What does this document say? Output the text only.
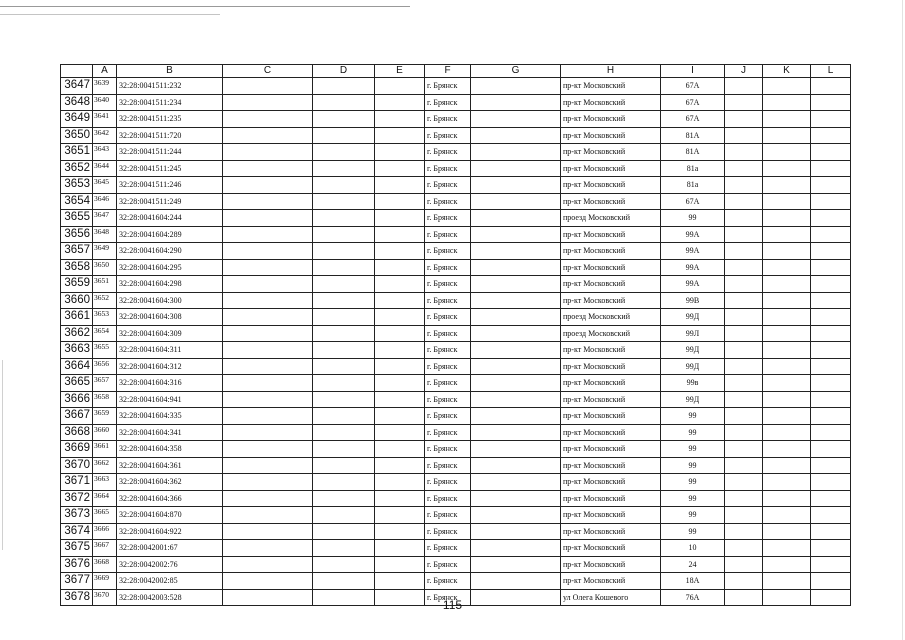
	A	B	C	D	E	F	G	H	I	J	K	L
3647	3639	32:28:0041511:232				г. Брянск		пр-кт Московский	67А			
3648	3640	32:28:0041511:234				г. Брянск		пр-кт Московский	67А			
3649	3641	32:28:0041511:235				г. Брянск		пр-кт Московский	67А			
3650	3642	32:28:0041511:720				г. Брянск		пр-кт Московский	81А			
3651	3643	32:28:0041511:244				г. Брянск		пр-кт Московский	81А			
3652	3644	32:28:0041511:245				г. Брянск		пр-кт Московский	81а			
3653	3645	32:28:0041511:246				г. Брянск		пр-кт Московский	81а			
3654	3646	32:28:0041511:249				г. Брянск		пр-кт Московский	67А			
3655	3647	32:28:0041604:244				г. Брянск		проезд Московский	99			
3656	3648	32:28:0041604:289				г. Брянск		пр-кт Московский	99А			
3657	3649	32:28:0041604:290				г. Брянск		пр-кт Московский	99А			
3658	3650	32:28:0041604:295				г. Брянск		пр-кт Московский	99А			
3659	3651	32:28:0041604:298				г. Брянск		пр-кт Московский	99А			
3660	3652	32:28:0041604:300				г. Брянск		пр-кт Московский	99В			
3661	3653	32:28:0041604:308				г. Брянск		проезд Московский	99Д			
3662	3654	32:28:0041604:309				г. Брянск		проезд Московский	99Л			
3663	3655	32:28:0041604:311				г. Брянск		пр-кт Московский	99Д			
3664	3656	32:28:0041604:312				г. Брянск		пр-кт Московский	99Д			
3665	3657	32:28:0041604:316				г. Брянск		пр-кт Московский	99в			
3666	3658	32:28:0041604:941				г. Брянск		пр-кт Московский	99Д			
3667	3659	32:28:0041604:335				г. Брянск		пр-кт Московский	99			
3668	3660	32:28:0041604:341				г. Брянск		пр-кт Московский	99			
3669	3661	32:28:0041604:358				г. Брянск		пр-кт Московский	99			
3670	3662	32:28:0041604:361				г. Брянск		пр-кт Московский	99			
3671	3663	32:28:0041604:362				г. Брянск		пр-кт Московский	99			
3672	3664	32:28:0041604:366				г. Брянск		пр-кт Московский	99			
3673	3665	32:28:0041604:870				г. Брянск		пр-кт Московский	99			
3674	3666	32:28:0041604:922				г. Брянск		пр-кт Московский	99			
3675	3667	32:28:0042001:67				г. Брянск		пр-кт Московский	10			
3676	3668	32:28:0042002:76				г. Брянск		пр-кт Московский	24			
3677	3669	32:28:0042002:85				г. Брянск		пр-кт Московский	18А			
3678	3670	32:28:0042003:528				г. Брянск		ул Олега Кошевого	76А			
115
